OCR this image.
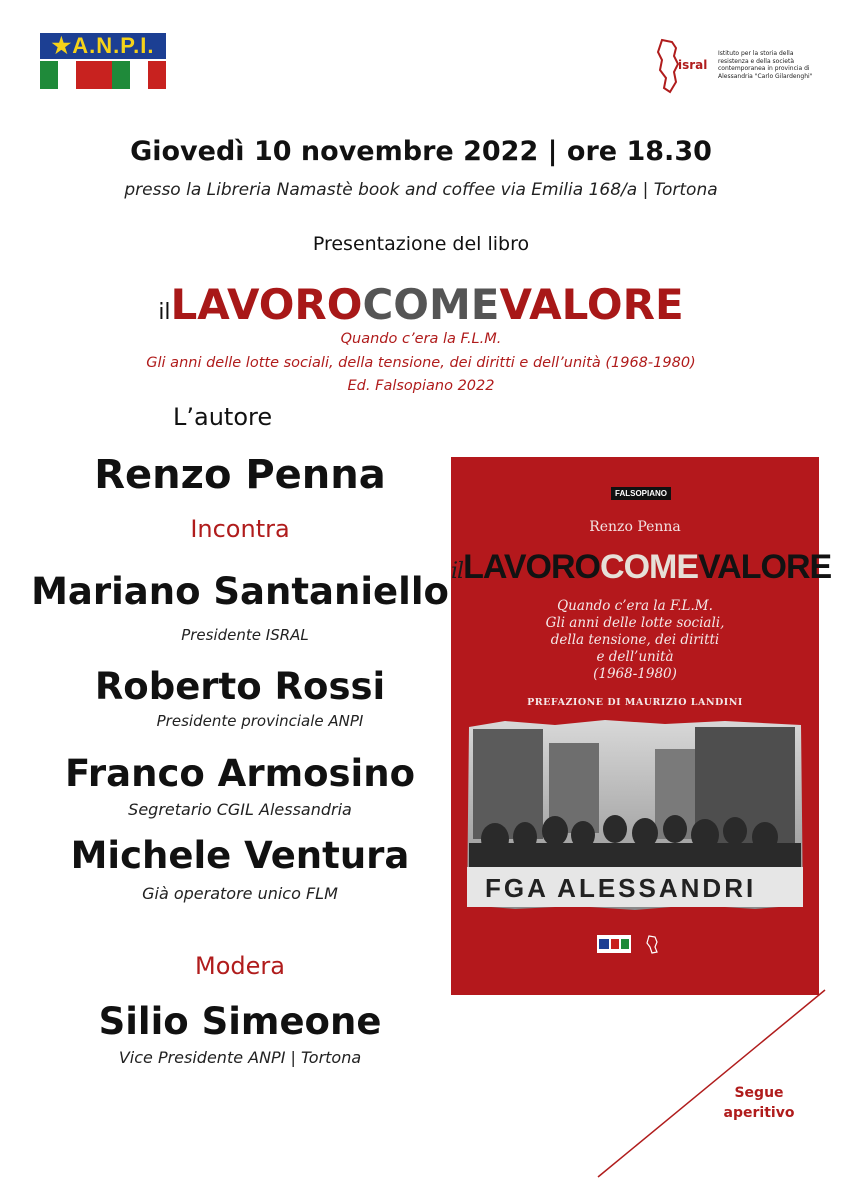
★A.N.P.I.
isral
Istituto per la storia della resistenza e della società contemporanea in provincia di Alessandria "Carlo Gilardenghi"
Giovedì 10 novembre 2022 | ore 18.30
presso la Libreria Namastè book and coffee via Emilia 168/a | Tortona
Presentazione del libro
ilLAVOROCOMEVALORE
Quando c’era la F.L.M.
Gli anni delle lotte sociali, della tensione, dei diritti e dell’unità (1968-1980)
Ed. Falsopiano 2022
L’autore
Renzo Penna
Incontra
Mariano Santaniello
Presidente ISRAL
Roberto Rossi
Presidente provinciale ANPI
Franco Armosino
Segretario CGIL Alessandria
Michele Ventura
Già operatore unico FLM
Modera
Silio Simeone
Vice Presidente ANPI | Tortona
FALSOPIANO
Renzo Penna
ilLAVOROCOMEVALORE
Quando c’era la F.L.M.
Gli anni delle lotte sociali,
della tensione, dei diritti
e dell’unità
(1968-1980)
PREFAZIONE DI MAURIZIO LANDINI
FGA ALESSANDRI
Segue
aperitivo
